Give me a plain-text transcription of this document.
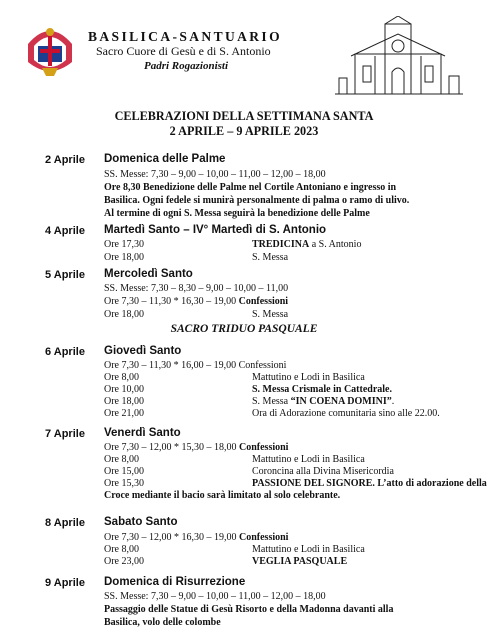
BASILICA-SANTUARIO
Sacro Cuore di Gesù e di S. Antonio
Padri Rogazionisti
CELEBRAZIONI DELLA SETTIMANA SANTA
2 APRILE – 9 APRILE 2023
2 Aprile Domenica delle Palme
SS. Messe: 7,30 – 9,00 – 10,00 – 11,00 – 12,00 – 18,00
Ore 8,30 Benedizione delle Palme nel Cortile Antoniano e ingresso in
Basilica. Ogni fedele si munirà personalmente di palma o ramo di ulivo.
Al termine di ogni S. Messa seguirà la benedizione delle Palme
4 Aprile Martedì Santo – IV° Martedì di S. Antonio
Ore 17,30	TREDICINA a S. Antonio
Ore 18,00	S. Messa
5 Aprile Mercoledì Santo
SS. Messe: 7,30 – 8,30 – 9,00 – 10,00 – 11,00
Ore 7,30 – 11,30 * 16,30 – 19,00 Confessioni
Ore 18,00	S. Messa
SACRO TRIDUO PASQUALE
6 Aprile Giovedì Santo
Ore 7,30 – 11,30 * 16,00 – 19,00 Confessioni
Ore 8,00	Mattutino e Lodi in Basilica
Ore 10,00	S. Messa Crismale in Cattedrale.
Ore 18,00	S. Messa “IN COENA DOMINI”.
Ore 21,00	Ora di Adorazione comunitaria sino alle 22.00.
7 Aprile Venerdì Santo
Ore 7,30 – 12,00 * 15,30 – 18,00 Confessioni
Ore 8,00	Mattutino e Lodi in Basilica
Ore 15,00	Coroncina alla Divina Misericordia
Ore 15,30	PASSIONE DEL SIGNORE. L’atto di adorazione della
Croce mediante il bacio sarà limitato al solo celebrante.
8 Aprile Sabato Santo
Ore 7,30 – 12,00 * 16,30 – 19,00 Confessioni
Ore 8,00	Mattutino e Lodi in Basilica
Ore 23,00	VEGLIA PASQUALE
9 Aprile Domenica di Risurrezione
SS. Messe: 7,30 – 9,00 – 10,00 – 11,00 – 12,00 – 18,00
Passaggio delle Statue di Gesù Risorto e della Madonna davanti alla
Basilica, volo delle colombe
